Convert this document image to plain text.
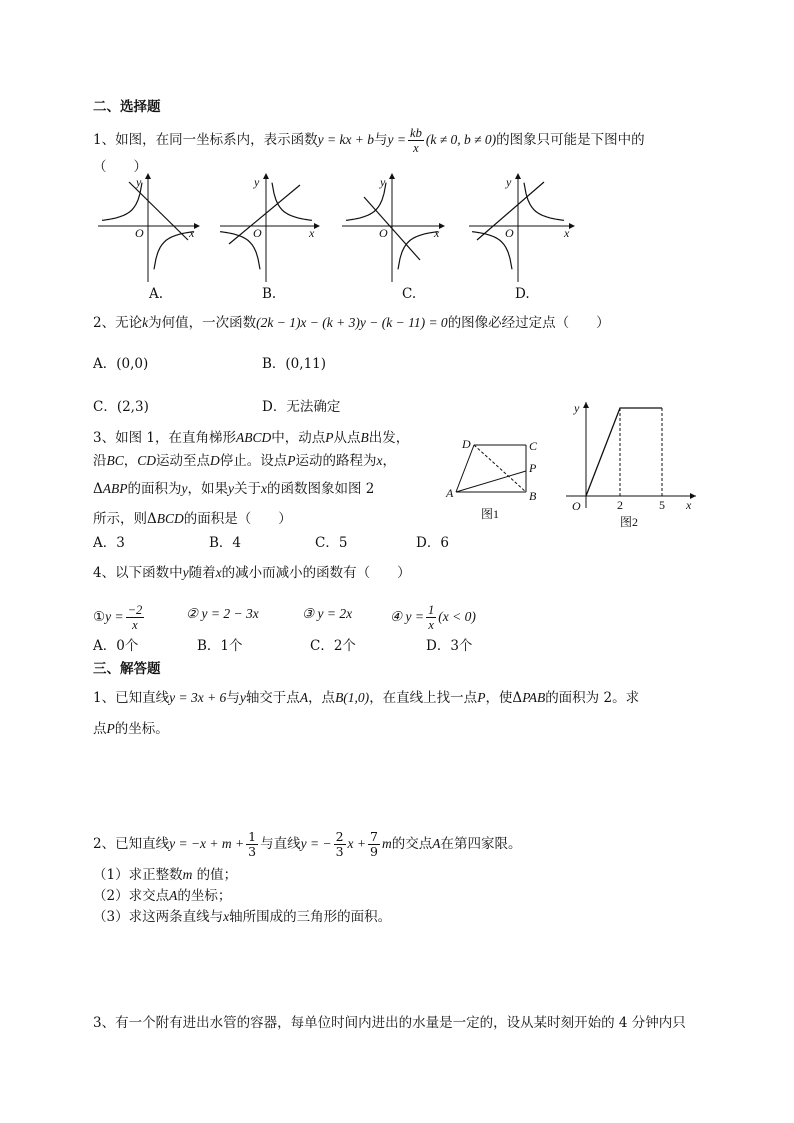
二、选择题
1、如图，在同一坐标系内，表示函数y = kx + b与$y = \frac{kb}{x} (k \ne 0$, b ≠ 0)的图象只可能是下图中的
（　　）
y
x
O
y
x
O
y
x
O
y
x
O
A.	B.	C.	D.
2、无论k为何值，一次函数(2k − 1)x − (k + 3)y − (k − 11) = 0的图像必经过定点（　　）
A．(0,0)	B．(0,11)
C．(2,3)	D．无法确定
3、如图 1，在直角梯形ABCD中，动点P从点B出发，
沿BC，CD运动至点D停止。设点P运动的路程为x，
ΔABP的面积为y，如果y关于x的函数图象如图 2
所示，则ΔBCD的面积是（　　）
A．3	B．4	C．5	D．6
D	C
P
A	B
图1
y
x
O	2	5
图2
4、以下函数中y随着x的减小而减小的函数有（　　）
①y = $\frac{-2}{x}$	② y = 2 − 3x	③ y = 2x	④ $y = \frac{1}{x} (x < 0)$
A．0个	B．1个	C．2个	D．3个
三、解答题
1、已知直线y = 3x + 6与y轴交于点A，点B(1,0)，在直线上找一点P，使ΔPAB的面积为 2。求
点P的坐标。
2、已知直线$y = -x + m + \frac{1}{3}$ 与直线y = − $\frac{2}{3}$ $x + \frac{7}{9}$ m的交点A在第四家限。
（1）求正整数m 的值；
（2）求交点A的坐标；
（3）求这两条直线与x轴所围成的三角形的面积。
3、有一个附有进出水管的容器，每单位时间内进出的水量是一定的，设从某时刻开始的 4 分钟内只
